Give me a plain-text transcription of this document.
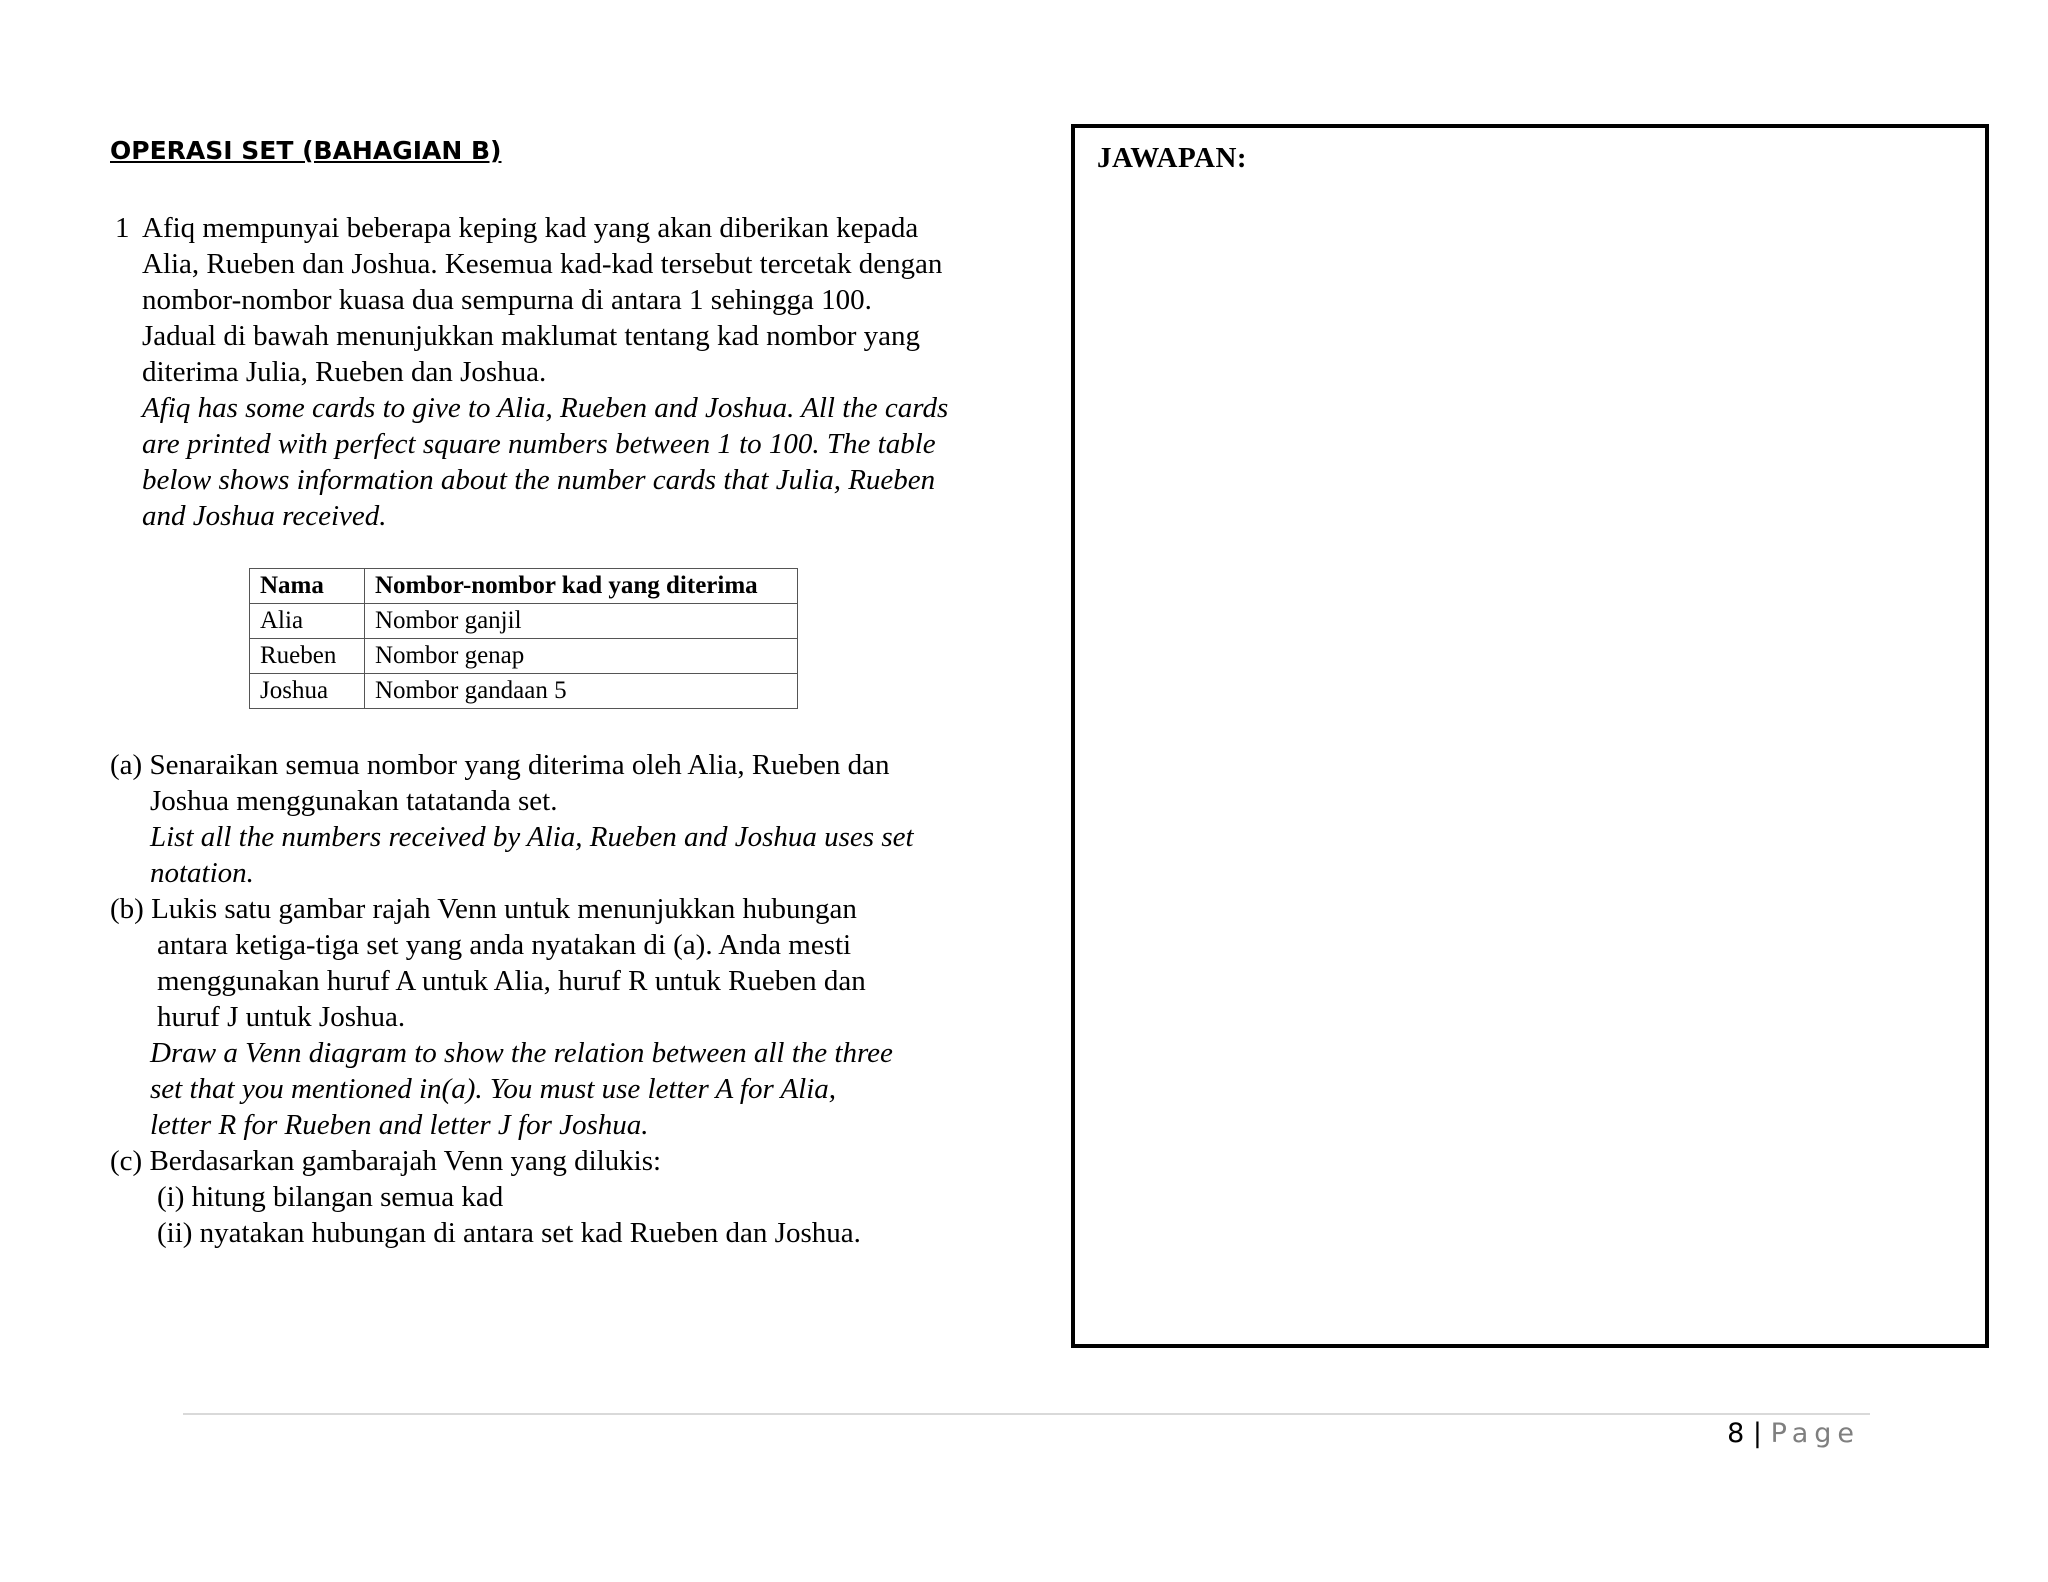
OPERASI SET (BAHAGIAN B)
1 Afiq mempunyai beberapa keping kad yang akan diberikan kepada
Alia, Rueben dan Joshua. Kesemua kad-kad tersebut tercetak dengan
nombor-nombor kuasa dua sempurna di antara 1 sehingga 100.
Jadual di bawah menunjukkan maklumat tentang kad nombor yang
diterima Julia, Rueben dan Joshua.
Afiq has some cards to give to Alia, Rueben and Joshua. All the cards
are printed with perfect square numbers between 1 to 100. The table
below shows information about the number cards that Julia, Rueben
and Joshua received.
Nama	Nombor-nombor kad yang diterima
Alia	Nombor ganjil
Rueben	Nombor genap
Joshua	Nombor gandaan 5
(a) Senaraikan semua nombor yang diterima oleh Alia, Rueben dan
Joshua menggunakan tatatanda set.
List all the numbers received by Alia, Rueben and Joshua uses set
notation.
(b) Lukis satu gambar rajah Venn untuk menunjukkan hubungan
antara ketiga-tiga set yang anda nyatakan di (a). Anda mesti
menggunakan huruf A untuk Alia, huruf R untuk Rueben dan
huruf J untuk Joshua.
Draw a Venn diagram to show the relation between all the three
set that you mentioned in(a). You must use letter A for Alia,
letter R for Rueben and letter J for Joshua.
(c) Berdasarkan gambarajah Venn yang dilukis:
(i) hitung bilangan semua kad
(ii) nyatakan hubungan di antara set kad Rueben dan Joshua.
JAWAPAN:
8 | Page
